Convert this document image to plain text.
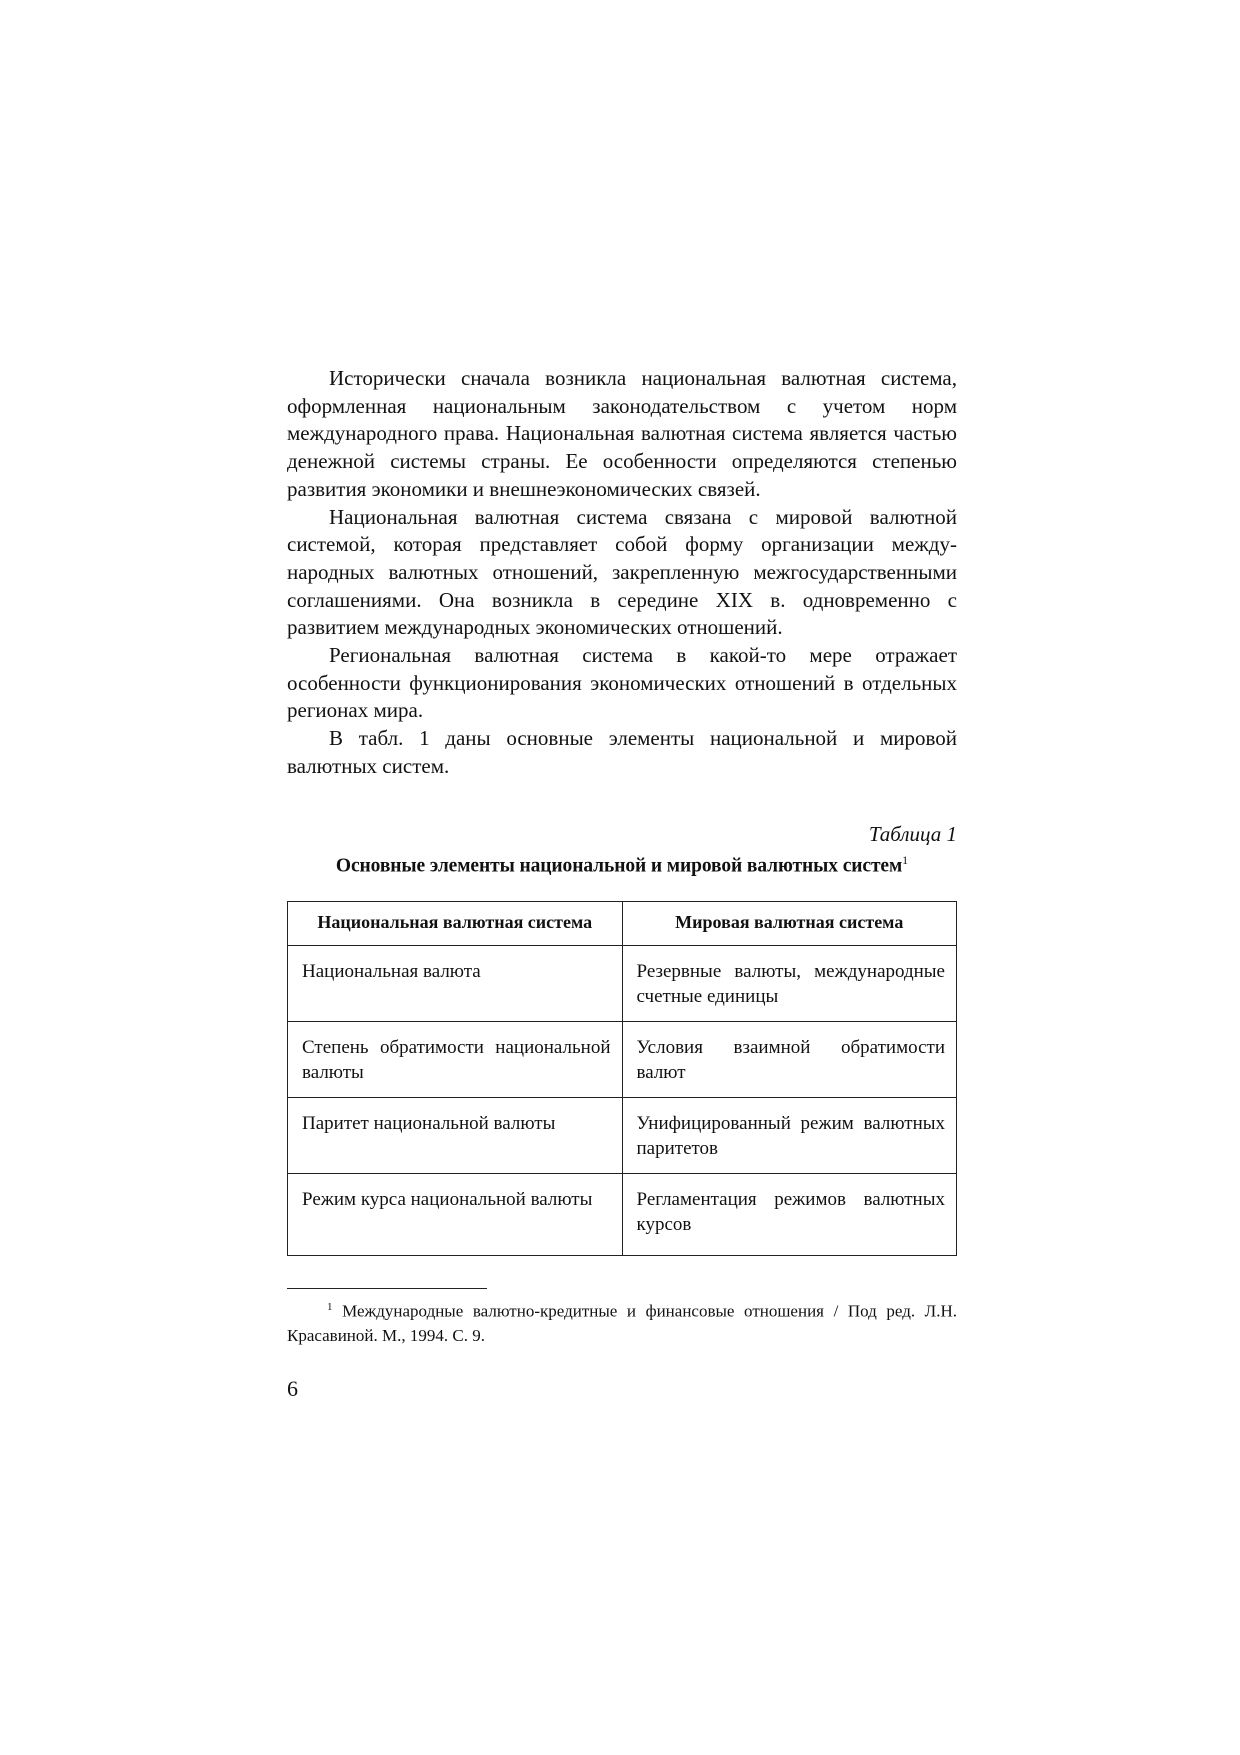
Исторически сначала возникла национальная валютная система, оформленная национальным законодательством с учетом норм международного права. Национальная валютная система является частью денежной системы страны. Ее особенности определяются степенью развития экономики и внешнеэкономических связей.

Национальная валютная система связана с мировой валютной системой, которая представляет собой форму организации международных валютных отношений, закрепленную межгосударственными соглашениями. Она возникла в середине XIX в. одновременно с развитием международных экономических отношений.

Региональная валютная система в какой-то мере отражает особенности функционирования экономических отношений в отдельных регионах мира.

В табл. 1 даны основные элементы национальной и мировой валютных систем.

Таблица 1
Основные элементы национальной и мировой валютных систем$^1$
Национальная валютная система	Мировая валютная система
Национальная валюта	Резервные валюты, международные счетные единицы
Степень обратимости национальной валюты	Условия взаимной обратимости валют
Паритет национальной валюты	Унифицированный режим валютных паритетов
Режим курса национальной валюты	Регламентация режимов валютных курсов
$^1$ Международные валютно-кредитные и финансовые отношения / Под ред. Л.Н. Красавиной. М., 1994. С. 9.
6
